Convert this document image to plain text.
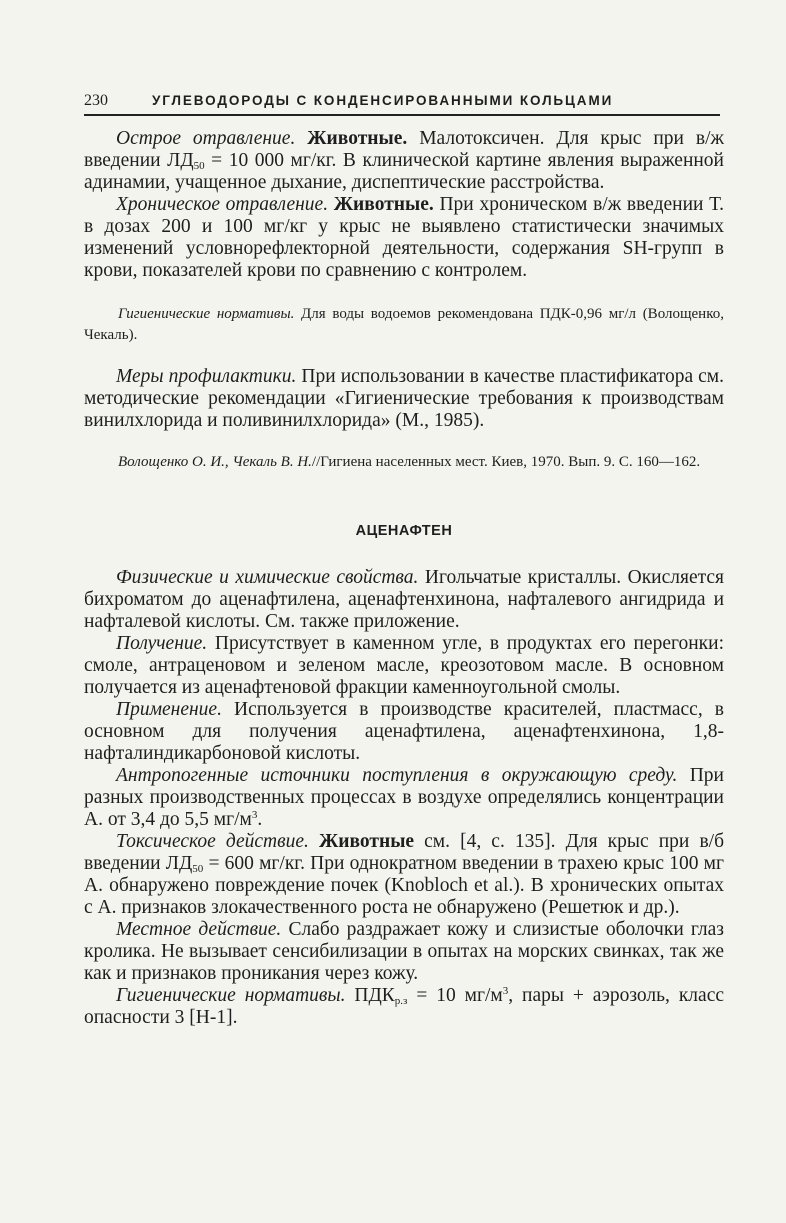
230	УГЛЕВОДОРОДЫ С КОНДЕНСИРОВАННЫМИ КОЛЬЦАМИ

Острое отравление. Животные. Малотоксичен. Для крыс при в/ж введении $ЛД_{50} = 10$ 000 мг/кг. В клинической картине явления выраженной адинамии, учащенное дыхание, диспептические расстройства.

Хроническое отравление. Животные. При хроническом в/ж введении Т. в дозах 200 и 100 мг/кг у крыс не выявлено статистически значимых изменений условнорефлекторной деятельности, содержания SH-групп в крови, показателей крови по сравнению с контролем.

Гигиенические нормативы. Для воды водоемов рекомендована ПДК-0,96 мг/л (Волощенко, Чекаль).

Меры профилактики. При использовании в качестве пластификатора см. методические рекомендации «Гигиенические требования к производствам винилхлорида и поливинилхлорида» (М., 1985).

Волощенко О. И., Чекаль В. Н.//Гигиена населенных мест. Киев, 1970. Вып. 9. С. 160—162.

АЦЕНАФТЕН

Физические и химические свойства. Игольчатые кристаллы. Окисляется бихроматом до аценафтилена, аценафтенхинона, нафталевого ангидрида и нафталевой кислоты. См. также приложение.

Получение. Присутствует в каменном угле, в продуктах его перегонки: смоле, антраценовом и зеленом масле, креозотовом масле. В основном получается из аценафтеновой фракции каменноугольной смолы.

Применение. Используется в производстве красителей, пластмасс, в основном для получения аценафтилена, аценафтенхинона, 1,8-нафталиндикарбоновой кислоты.

Антропогенные источники поступления в окружающую среду. При разных производственных процессах в воздухе определялись концентрации А. от 3,4 до 5,5 $мг/м^3$.

Токсическое действие. Животные см. [4, с. 135]. Для крыс при в/б введении $ЛД_{50} = 600$ мг/кг. При однократном введении в трахею крыс 100 мг А. обнаружено повреждение почек (Knobloch et al.). В хронических опытах с А. признаков злокачественного роста не обнаружено (Решетюк и др.).

Местное действие. Слабо раздражает кожу и слизистые оболочки глаз кролика. Не вызывает сенсибилизации в опытах на морских свинках, так же как и признаков проникания через кожу.

Гигиенические нормативы. $ПДК_{р.з} = 10$ $мг/м^3$, пары + аэрозоль, класс опасности 3 [Н-1].
